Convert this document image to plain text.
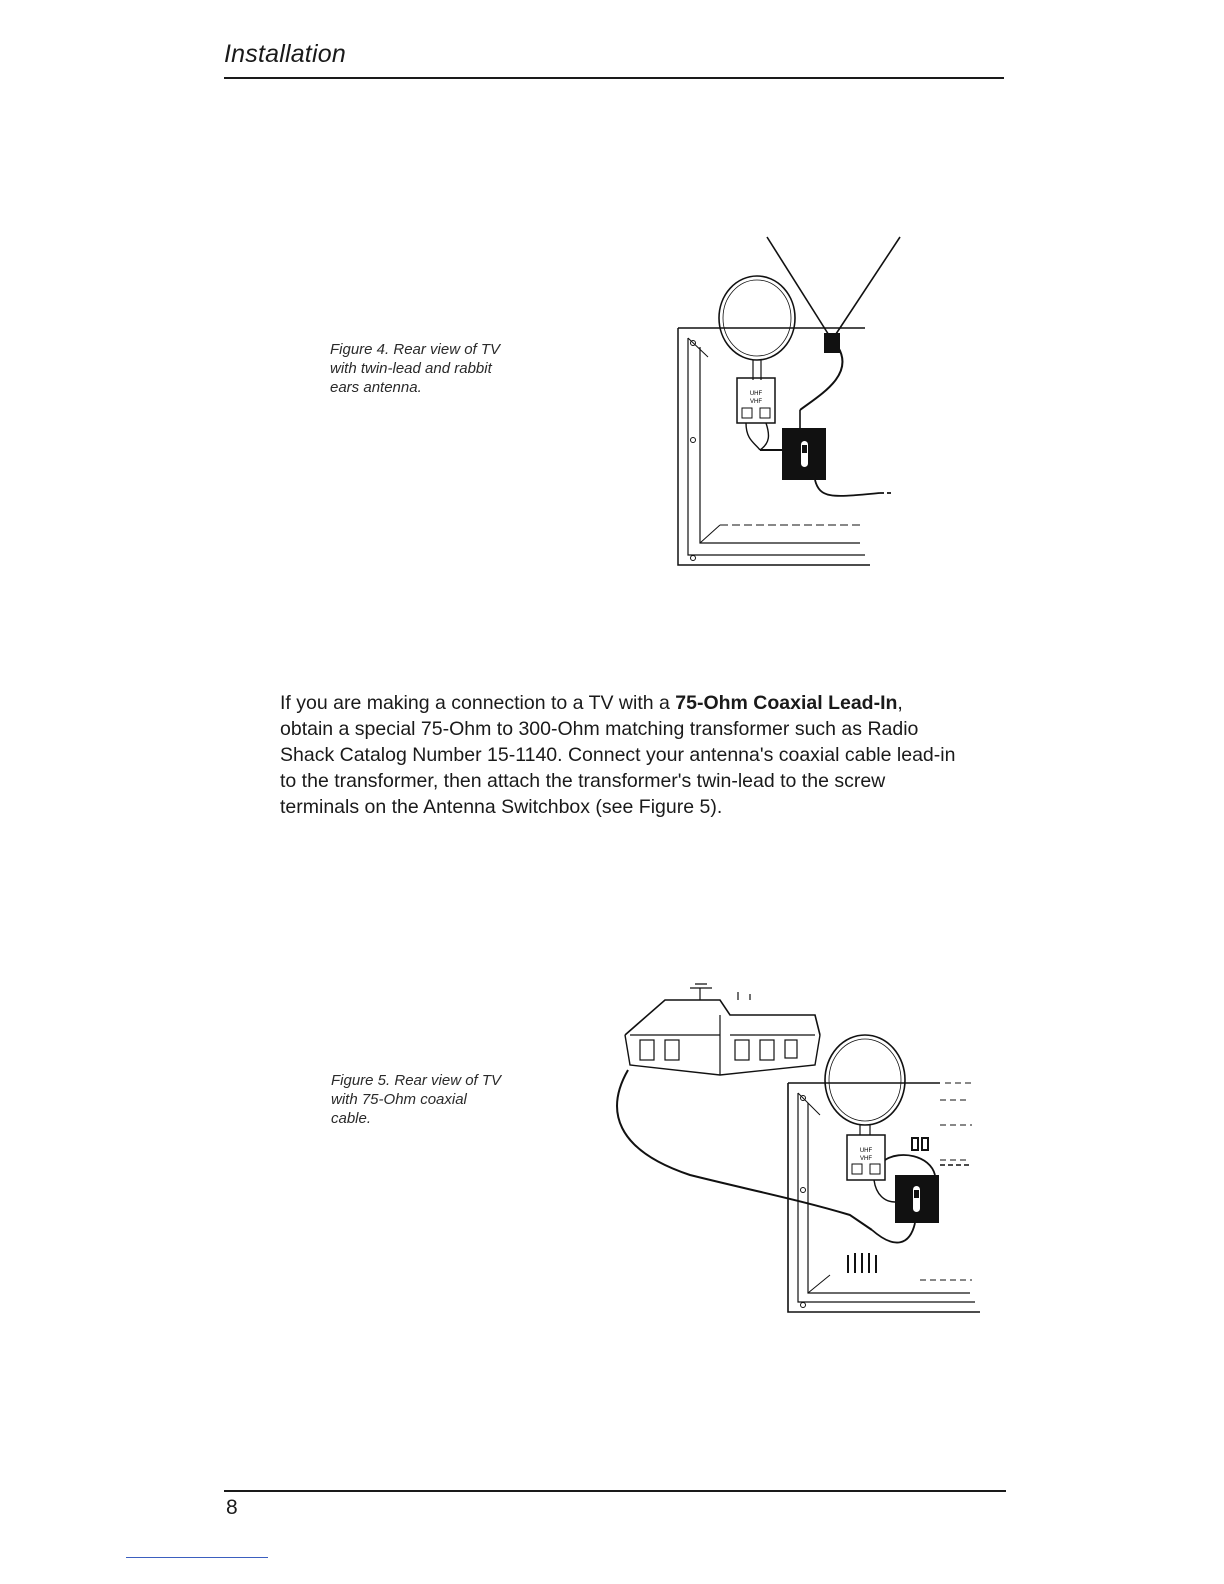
Installation
Figure 4. Rear view of TV
with twin-lead and rabbit
ears antenna.	UHF
VHF

If you are making a connection to a TV with a 75-Ohm Coaxial Lead-In, obtain a special 75-Ohm to 300-Ohm matching transformer such as Radio Shack Catalog Number 15-1140. Connect your antenna's coaxial cable lead-in to the transformer, then attach the transformer's twin-lead to the screw terminals on the Antenna Switchbox (see Figure 5).

Figure 5. Rear view of TV
with 75-Ohm coaxial
cable.
UHF
VHF
8
